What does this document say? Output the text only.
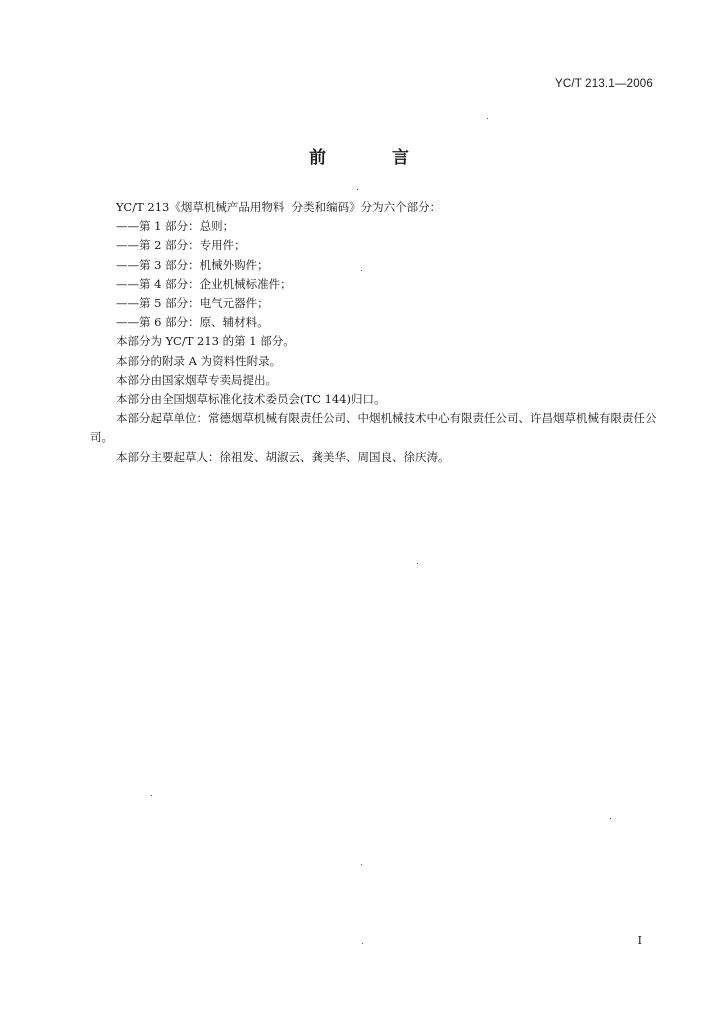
YC/T 213.1—2006
前 言

YC/T 213《烟草机械产品用物料  分类和编码》分为六个部分：

——第 1 部分：总则；

——第 2 部分：专用件；

——第 3 部分：机械外购件；

——第 4 部分：企业机械标准件；

——第 5 部分：电气元器件；

——第 6 部分：原、辅材料。

本部分为 YC/T 213 的第 1 部分。

本部分的附录 A 为资料性附录。

本部分由国家烟草专卖局提出。

本部分由全国烟草标准化技术委员会(TC 144)归口。

本部分起草单位：常德烟草机械有限责任公司、中烟机械技术中心有限责任公司、许昌烟草机械有限责任公司。

本部分主要起草人：徐祖发、胡淑云、龚美华、周国良、徐庆涛。

I
